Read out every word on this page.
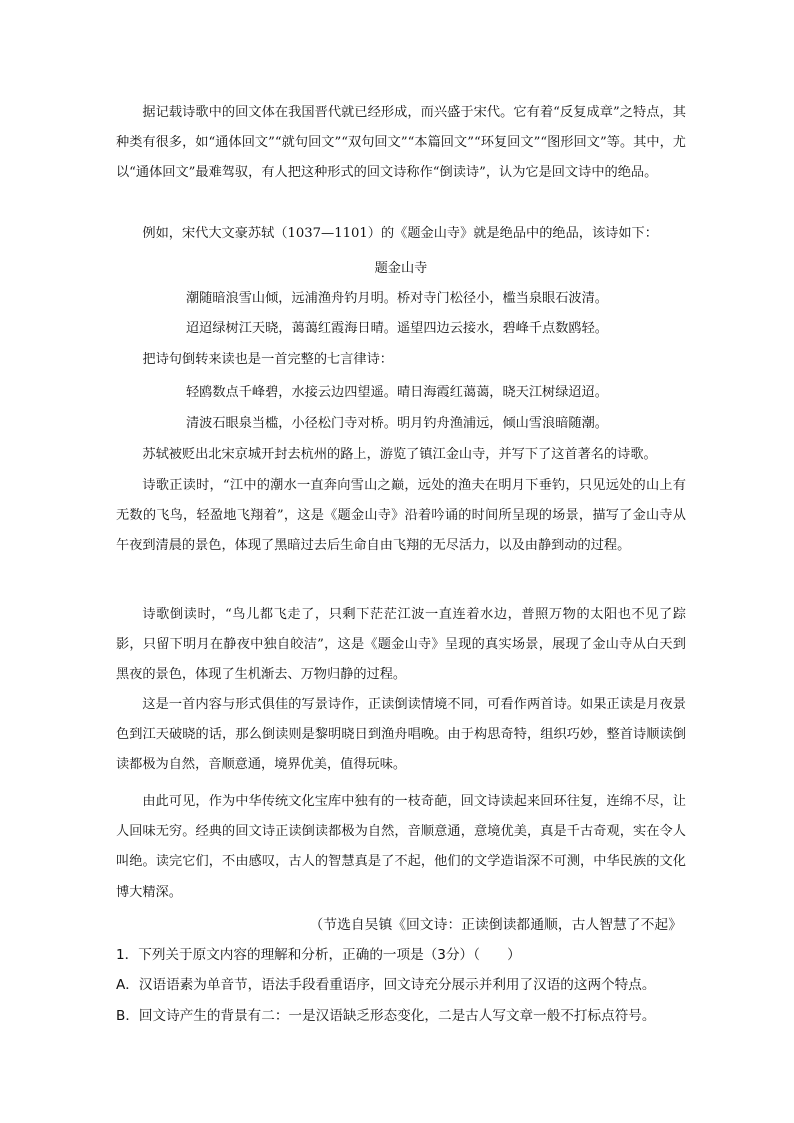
据记载诗歌中的回文体在我国晋代就已经形成，而兴盛于宋代。它有着“反复成章”之特点，其种类有很多，如“通体回文”“就句回文”“双句回文”“本篇回文”“环复回文”“图形回文”等。其中，尤以“通体回文”最难驾驭，有人把这种形式的回文诗称作“倒读诗”，认为它是回文诗中的绝品。

例如，宋代大文豪苏轼（1037—1101）的《题金山寺》就是绝品中的绝品，该诗如下：

题金山寺

潮随暗浪雪山倾，远浦渔舟钓月明。桥对寺门松径小，槛当泉眼石波清。

迢迢绿树江天晓，蔼蔼红霞海日晴。遥望四边云接水，碧峰千点数鸥轻。

把诗句倒转来读也是一首完整的七言律诗：

轻鸥数点千峰碧，水接云边四望遥。晴日海霞红蔼蔼，晓天江树绿迢迢。

清波石眼泉当槛，小径松门寺对桥。明月钓舟渔浦远，倾山雪浪暗随潮。

苏轼被贬出北宋京城开封去杭州的路上，游览了镇江金山寺，并写下了这首著名的诗歌。

诗歌正读时，“江中的潮水一直奔向雪山之巅，远处的渔夫在明月下垂钓，只见远处的山上有无数的飞鸟，轻盈地飞翔着”，这是《题金山寺》沿着吟诵的时间所呈现的场景，描写了金山寺从午夜到清晨的景色，体现了黑暗过去后生命自由飞翔的无尽活力，以及由静到动的过程。

诗歌倒读时，“鸟儿都飞走了，只剩下茫茫江波一直连着水边，普照万物的太阳也不见了踪影，只留下明月在静夜中独自皎洁”，这是《题金山寺》呈现的真实场景，展现了金山寺从白天到黑夜的景色，体现了生机渐去、万物归静的过程。

这是一首内容与形式俱佳的写景诗作，正读倒读情境不同，可看作两首诗。如果正读是月夜景色到江天破晓的话，那么倒读则是黎明晓日到渔舟唱晚。由于构思奇特，组织巧妙，整首诗顺读倒读都极为自然，音顺意通，境界优美，值得玩味。

由此可见，作为中华传统文化宝库中独有的一枝奇葩，回文诗读起来回环往复，连绵不尽，让人回味无穷。经典的回文诗正读倒读都极为自然，音顺意通，意境优美，真是千古奇观，实在令人叫绝。读完它们，不由感叹，古人的智慧真是了不起，他们的文学造诣深不可测，中华民族的文化博大精深。

（节选自吴镇《回文诗：正读倒读都通顺，古人智慧了不起》

1．下列关于原文内容的理解和分析，正确的一项是（3分）（　　）

A．汉语语素为单音节，语法手段看重语序，回文诗充分展示并利用了汉语的这两个特点。

B．回文诗产生的背景有二：一是汉语缺乏形态变化，二是古人写文章一般不打标点符号。
